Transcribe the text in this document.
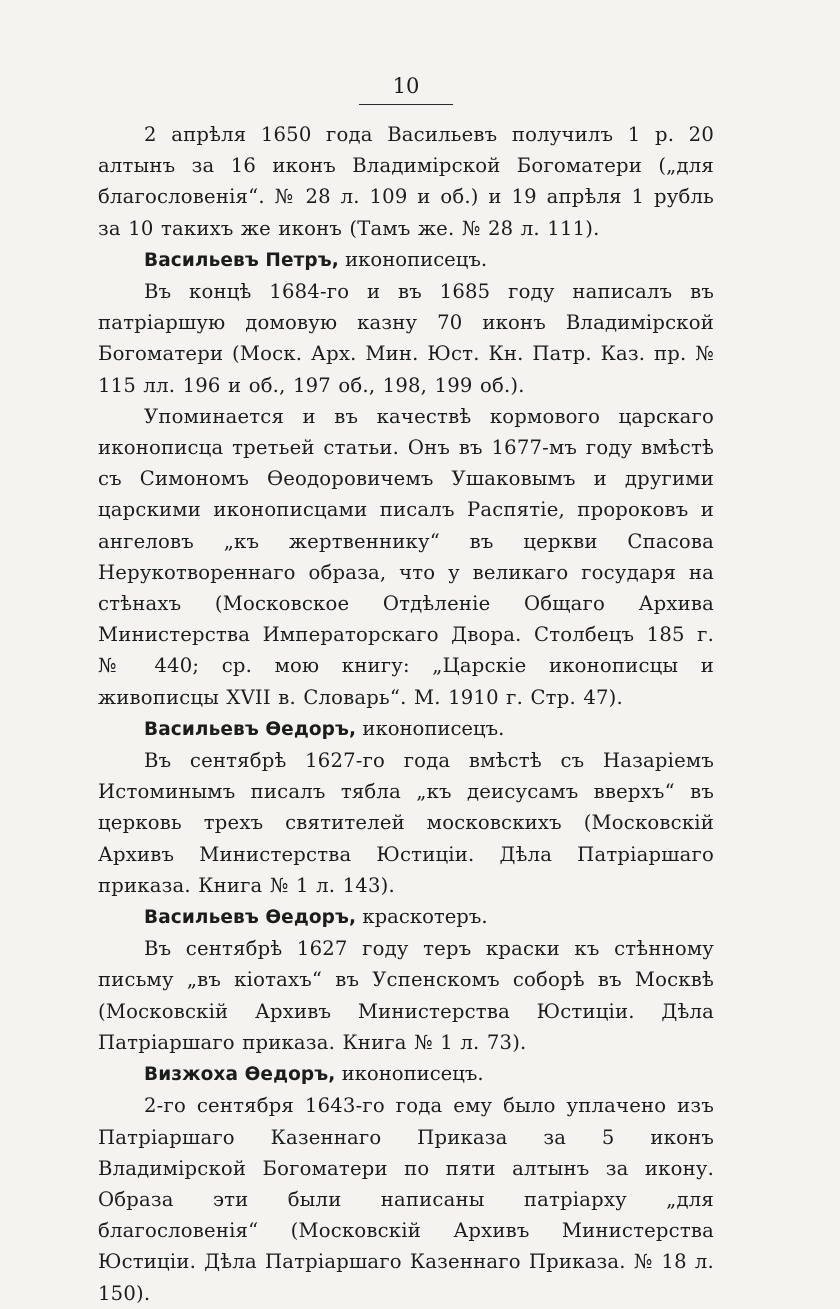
10

2 апрѣля 1650 года Васильевъ получилъ 1 р. 20 алтынъ за 16 иконъ Владимірской Богоматери („для благословенія“. № 28 л. 109 и об.) и 19 апрѣля 1 рубль за 10 такихъ же иконъ (Тамъ же. № 28 л. 111).

Васильевъ Петръ, иконописецъ.

Въ концѣ 1684-го и въ 1685 году написалъ въ патріаршую домовую казну 70 иконъ Владимірской Богоматери (Моск. Арх. Мин. Юст. Кн. Патр. Каз. пр. № 115 лл. 196 и об., 197 об., 198, 199 об.).

Упоминается и въ качествѣ кормового царскаго иконописца третьей статьи. Онъ въ 1677-мъ году вмѣстѣ съ Симономъ Ѳеодоровичемъ Ушаковымъ и другими царскими иконописцами писалъ Распятіе, пророковъ и ангеловъ „къ жертвеннику“ въ церкви Спасова Нерукотвореннаго образа, что у великаго государя на стѣнахъ (Московское Отдѣленіе Общаго Архива Министерства Императорскаго Двора. Столбецъ 185 г. № 440; ср. мою книгу: „Царскіе иконописцы и живописцы XVII в. Словарь“. М. 1910 г. Стр. 47).

Васильевъ Ѳедоръ, иконописецъ.

Въ сентябрѣ 1627-го года вмѣстѣ съ Назаріемъ Истоминымъ писалъ тябла „къ деисусамъ вверхъ“ въ церковь трехъ святителей московскихъ (Московскій Архивъ Министерства Юстиціи. Дѣла Патріаршаго приказа. Книга № 1 л. 143).

Васильевъ Ѳедоръ, краскотеръ.

Въ сентябрѣ 1627 году теръ краски къ стѣнному письму „въ кіотахъ“ въ Успенскомъ соборѣ въ Москвѣ (Московскій Архивъ Министерства Юстиціи. Дѣла Патріаршаго приказа. Книга № 1 л. 73).

Визжоха Ѳедоръ, иконописецъ.

2-го сентября 1643-го года ему было уплачено изъ Патріаршаго Казеннаго Приказа за 5 иконъ Владимірской Богоматери по пяти алтынъ за икону. Образа эти были написаны патріарху „для благословенія“ (Московскій Архивъ Министерства Юстиціи. Дѣла Патріаршаго Казеннаго Приказа. № 18 л. 150).
